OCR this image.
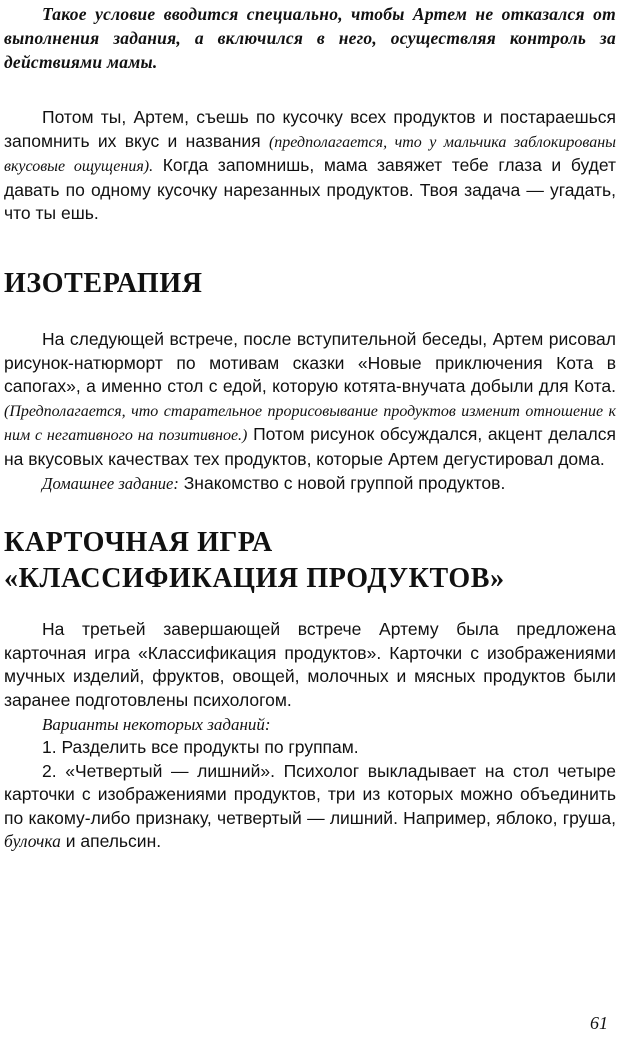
Такое условие вводится специально, чтобы Артем не отказался от выполнения задания, а включился в него, осуществляя контроль за действиями мамы.

Потом ты, Артем, съешь по кусочку всех продуктов и постараешься запомнить их вкус и названия (предполагается, что у мальчика заблокированы вкусовые ощущения). Когда запомнишь, мама завяжет тебе глаза и будет давать по одному кусочку нарезанных продуктов. Твоя задача — угадать, что ты ешь.

ИЗОТЕРАПИЯ

На следующей встрече, после вступительной беседы, Артем рисовал рисунок-натюрморт по мотивам сказки «Новые приключения Кота в сапогах», а именно стол с едой, которую котята-внучата добыли для Кота. (Предполагается, что старательное прорисовывание продуктов изменит отношение к ним с негативного на позитивное.) Потом рисунок обсуждался, акцент делался на вкусовых качествах тех продуктов, которые Артем дегустировал дома.

Домашнее задание: Знакомство с новой группой продуктов.

КАРТОЧНАЯ ИГРА
«КЛАССИФИКАЦИЯ ПРОДУКТОВ»

На третьей завершающей встрече Артему была предложена карточная игра «Классификация продуктов». Карточки с изображениями мучных изделий, фруктов, овощей, молочных и мясных продуктов были заранее подготовлены психологом.

Варианты некоторых заданий:

1. Разделить все продукты по группам.

2. «Четвертый — лишний». Психолог выкладывает на стол четыре карточки с изображениями продуктов, три из которых можно объединить по какому-либо признаку, четвертый — лишний. Например, яблоко, груша, булочка и апельсин.

61
